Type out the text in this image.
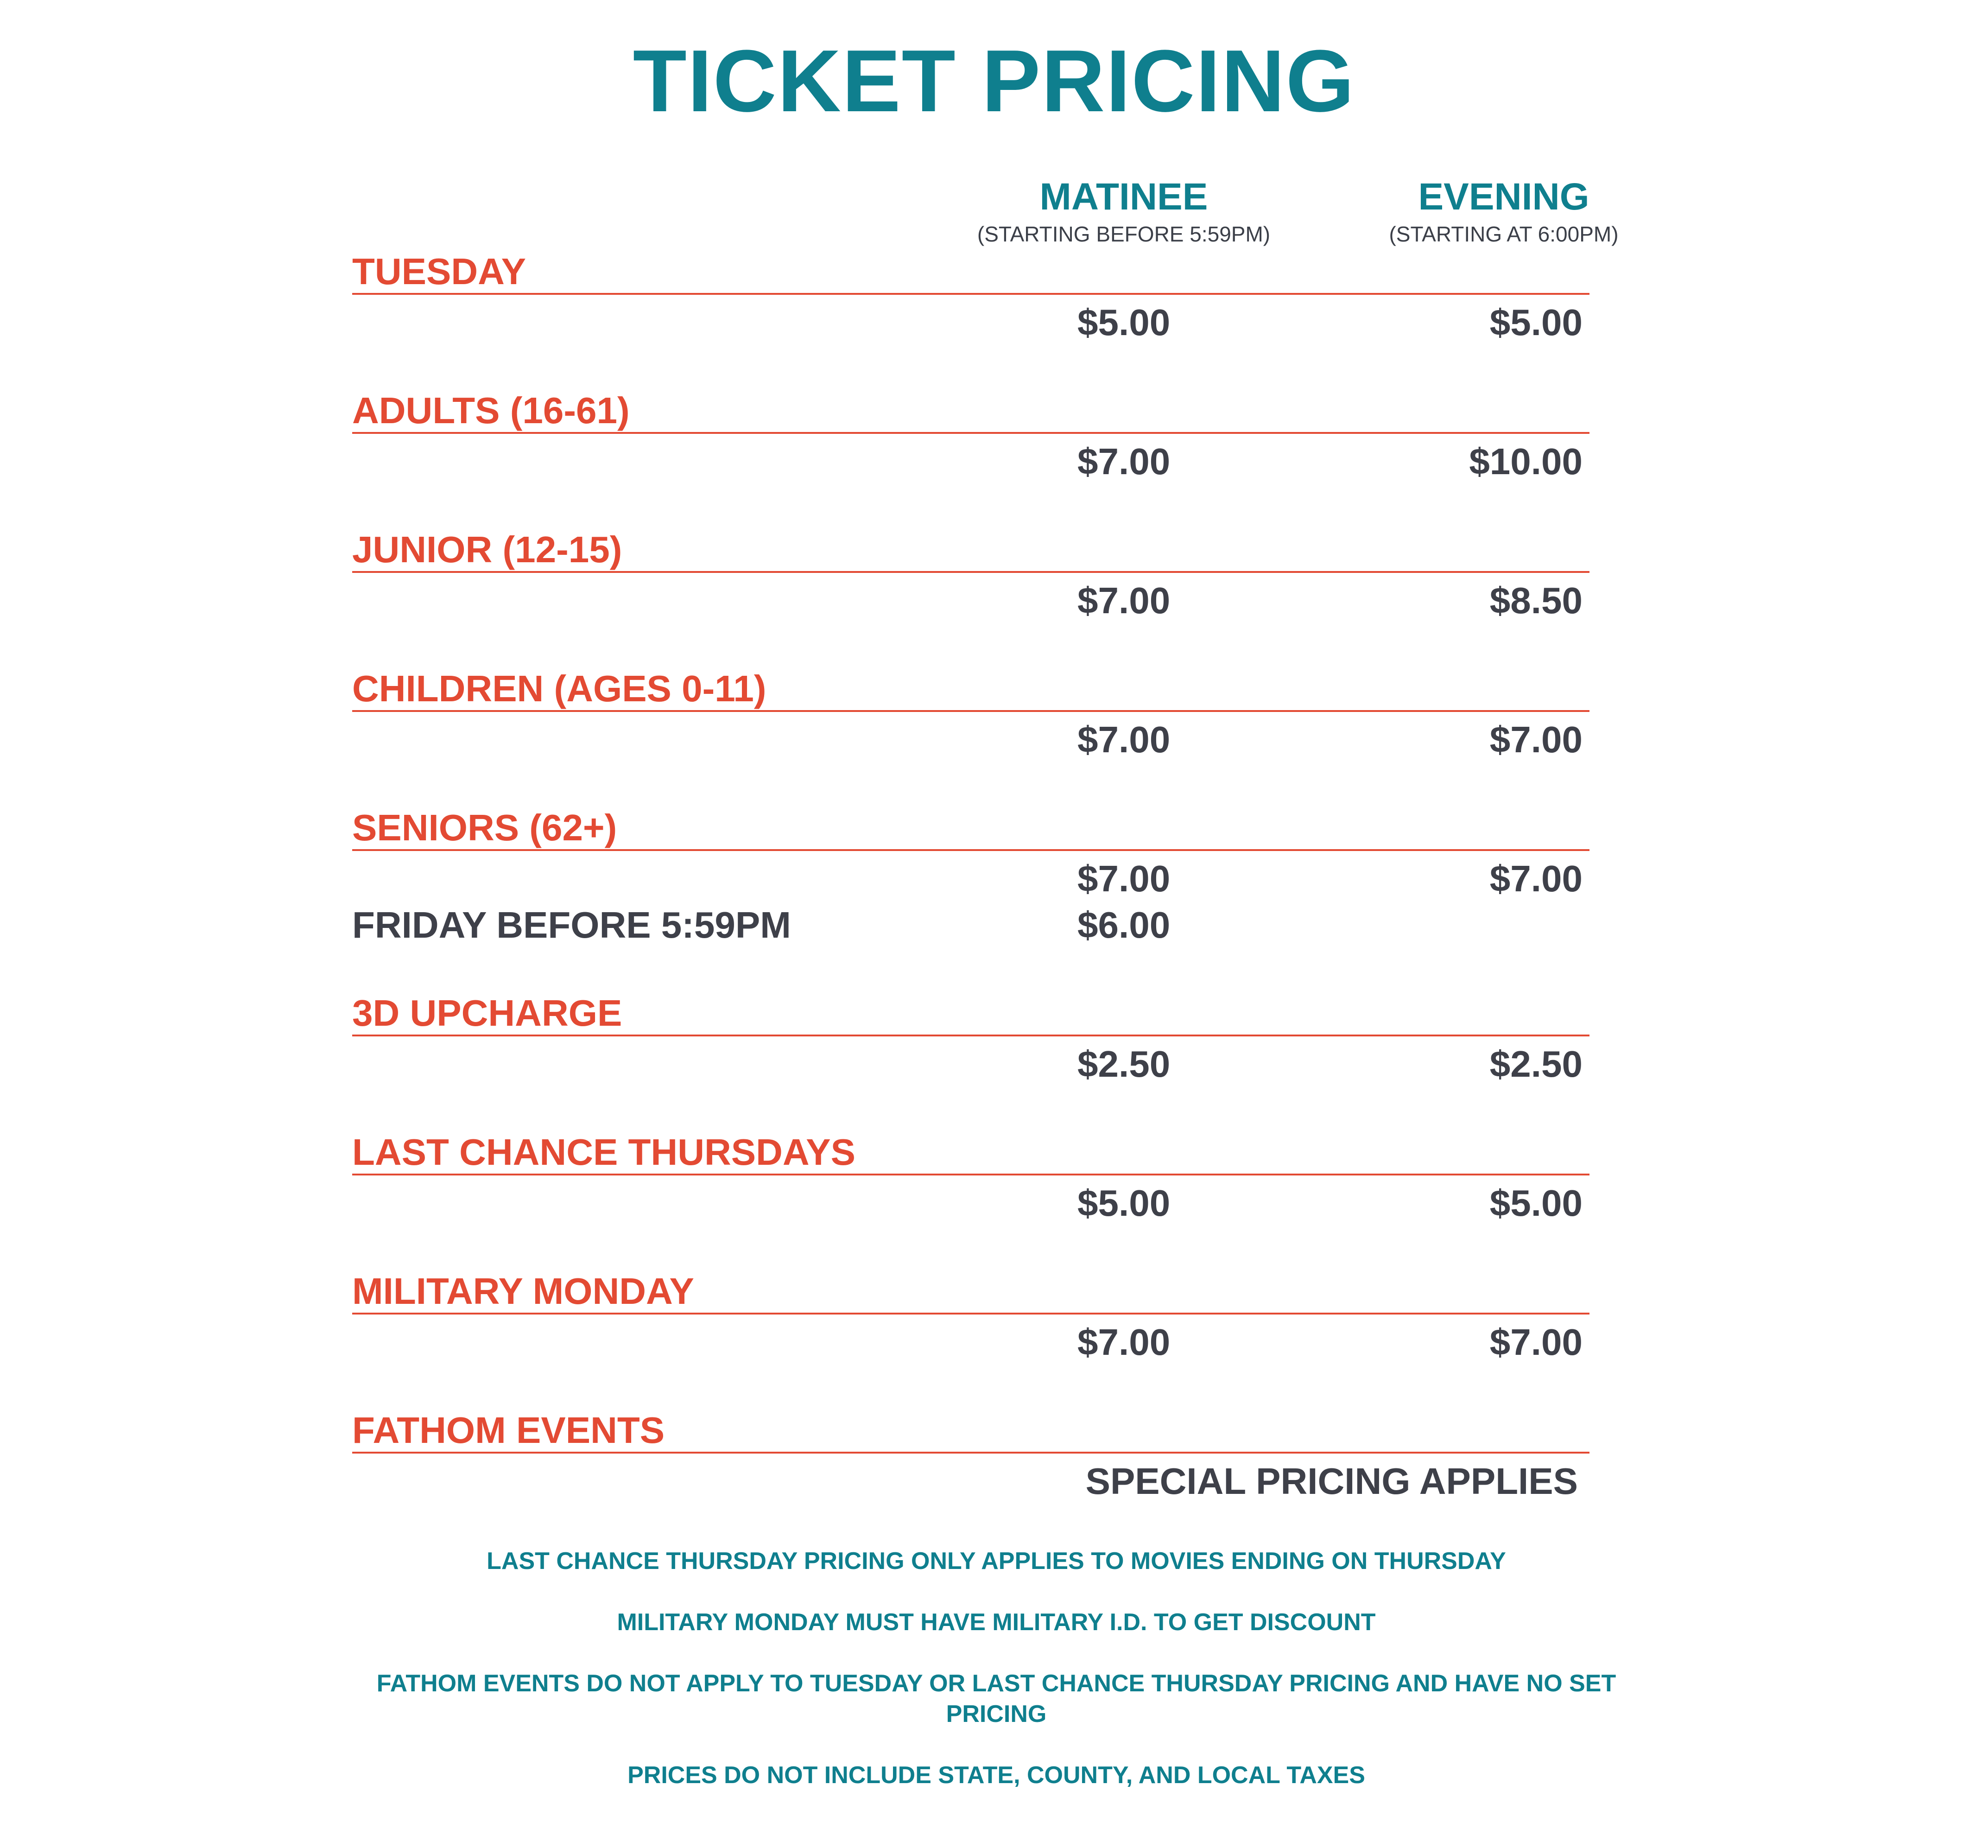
TICKET PRICING
MATINEE
(STARTING BEFORE 5:59PM)
EVENING
(STARTING AT 6:00PM)
TUESDAY
$5.00	$5.00
ADULTS (16-61)
$7.00	$10.00
JUNIOR (12-15)
$7.00	$8.50
CHILDREN (AGES 0-11)
$7.00	$7.00
SENIORS (62+)
$7.00	$7.00
FRIDAY BEFORE 5:59PM	$6.00
3D UPCHARGE
$2.50	$2.50
LAST CHANCE THURSDAYS
$5.00	$5.00
MILITARY MONDAY
$7.00	$7.00
FATHOM EVENTS
SPECIAL PRICING APPLIES
LAST CHANCE THURSDAY PRICING ONLY APPLIES TO MOVIES ENDING ON THURSDAY
MILITARY MONDAY MUST HAVE MILITARY I.D. TO GET DISCOUNT
FATHOM EVENTS DO NOT APPLY TO TUESDAY OR LAST CHANCE THURSDAY PRICING AND HAVE NO SET PRICING
PRICES DO NOT INCLUDE STATE, COUNTY, AND LOCAL TAXES
